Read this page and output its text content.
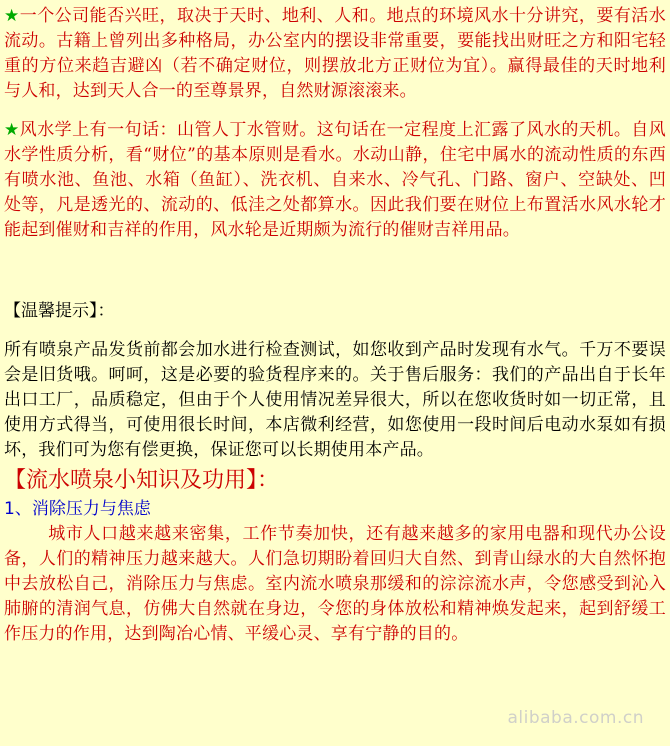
★一个公司能否兴旺，取决于天时、地利、人和。地点的环境风水十分讲究，要有活水流动。古籍上曾列出多种格局，办公室内的摆设非常重要，要能找出财旺之方和阳宅轻重的方位来趋吉避凶（若不确定财位，则摆放北方正财位为宜）。赢得最佳的天时地利与人和，达到天人合一的至尊景界，自然财源滚滚来。

★风水学上有一句话：山管人丁水管财。这句话在一定程度上汇露了风水的天机。自风水学性质分析，看“财位”的基本原则是看水。水动山静，住宅中属水的流动性质的东西有喷水池、鱼池、水箱（鱼缸）、洗衣机、自来水、冷气孔、门路、窗户、空缺处、凹处等，凡是透光的、流动的、低洼之处都算水。因此我们要在财位上布置活水风水轮才能起到催财和吉祥的作用，风水轮是近期颇为流行的催财吉祥用品。

【温馨提示】：

所有喷泉产品发货前都会加水进行检查测试，如您收到产品时发现有水气。千万不要误会是旧货哦。呵呵，这是必要的验货程序来的。关于售后服务：我们的产品出自于长年出口工厂，品质稳定，但由于个人使用情况差异很大，所以在您收货时如一切正常，且使用方式得当，可使用很长时间，本店微利经营，如您使用一段时间后电动水泵如有损坏，我们可为您有偿更换，保证您可以长期使用本产品。

【流水喷泉小知识及功用】：

1、消除压力与焦虑

城市人口越来越来密集，工作节奏加快，还有越来越多的家用电器和现代办公设备，人们的精神压力越来越大。人们急切期盼着回归大自然、到青山绿水的大自然怀抱中去放松自己，消除压力与焦虑。室内流水喷泉那缓和的淙淙流水声，令您感受到沁入肺腑的清润气息，仿佛大自然就在身边，令您的身体放松和精神焕发起来，起到舒缓工作压力的作用，达到陶冶心情、平缓心灵、享有宁静的目的。

alibaba.com.cn
